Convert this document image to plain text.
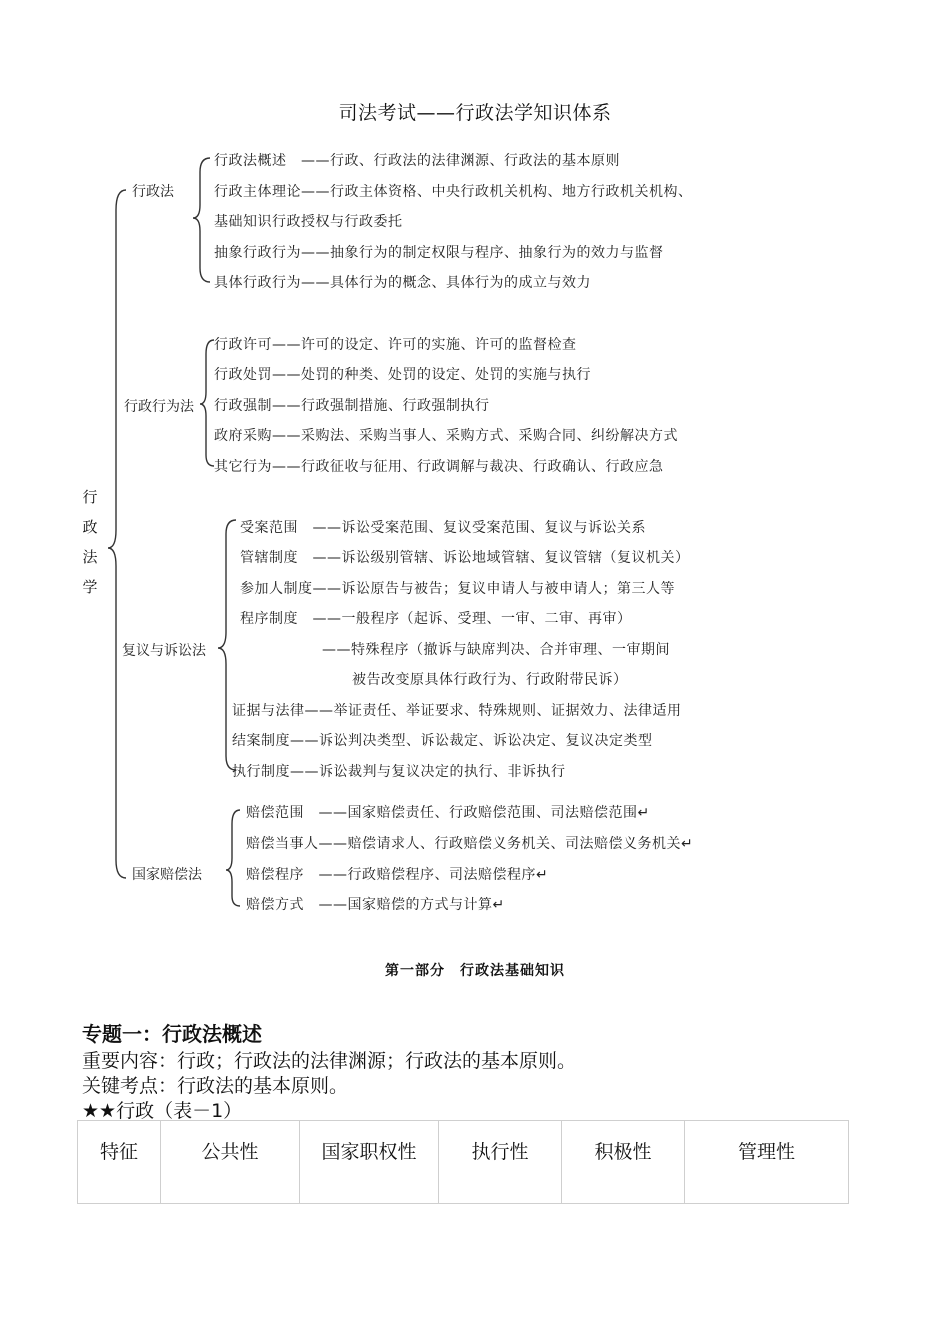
司法考试——行政法学知识体系
行
政
法
学
行政法
行政法概述　——行政、行政法的法律渊源、行政法的基本原则
行政主体理论——行政主体资格、中央行政机关机构、地方行政机关机构、
基础知识行政授权与行政委托
抽象行政行为——抽象行为的制定权限与程序、抽象行为的效力与监督
具体行政行为——具体行为的概念、具体行为的成立与效力
行政行为法
行政许可——许可的设定、许可的实施、许可的监督检查
行政处罚——处罚的种类、处罚的设定、处罚的实施与执行
行政强制——行政强制措施、行政强制执行
政府采购——采购法、采购当事人、采购方式、采购合同、纠纷解决方式
其它行为——行政征收与征用、行政调解与裁决、行政确认、行政应急
复议与诉讼法
受案范围　——诉讼受案范围、复议受案范围、复议与诉讼关系
管辖制度　——诉讼级别管辖、诉讼地域管辖、复议管辖（复议机关）
参加人制度——诉讼原告与被告；复议申请人与被申请人；第三人等
程序制度　——一般程序（起诉、受理、一审、二审、再审）
——特殊程序（撤诉与缺席判决、合并审理、一审期间
被告改变原具体行政行为、行政附带民诉）
证据与法律——举证责任、举证要求、特殊规则、证据效力、法律适用
结案制度——诉讼判决类型、诉讼裁定、诉讼决定、复议决定类型
执行制度——诉讼裁判与复议决定的执行、非诉执行
国家赔偿法
赔偿范围　——国家赔偿责任、行政赔偿范围、司法赔偿范围↵
赔偿当事人——赔偿请求人、行政赔偿义务机关、司法赔偿义务机关↵
赔偿程序　——行政赔偿程序、司法赔偿程序↵
赔偿方式　——国家赔偿的方式与计算↵
第一部分　行政法基础知识
专题一：行政法概述
重要内容：行政；行政法的法律渊源；行政法的基本原则。
关键考点：行政法的基本原则。
★★行政（表－1）
特征	公共性	国家职权性	执行性	积极性	管理性
